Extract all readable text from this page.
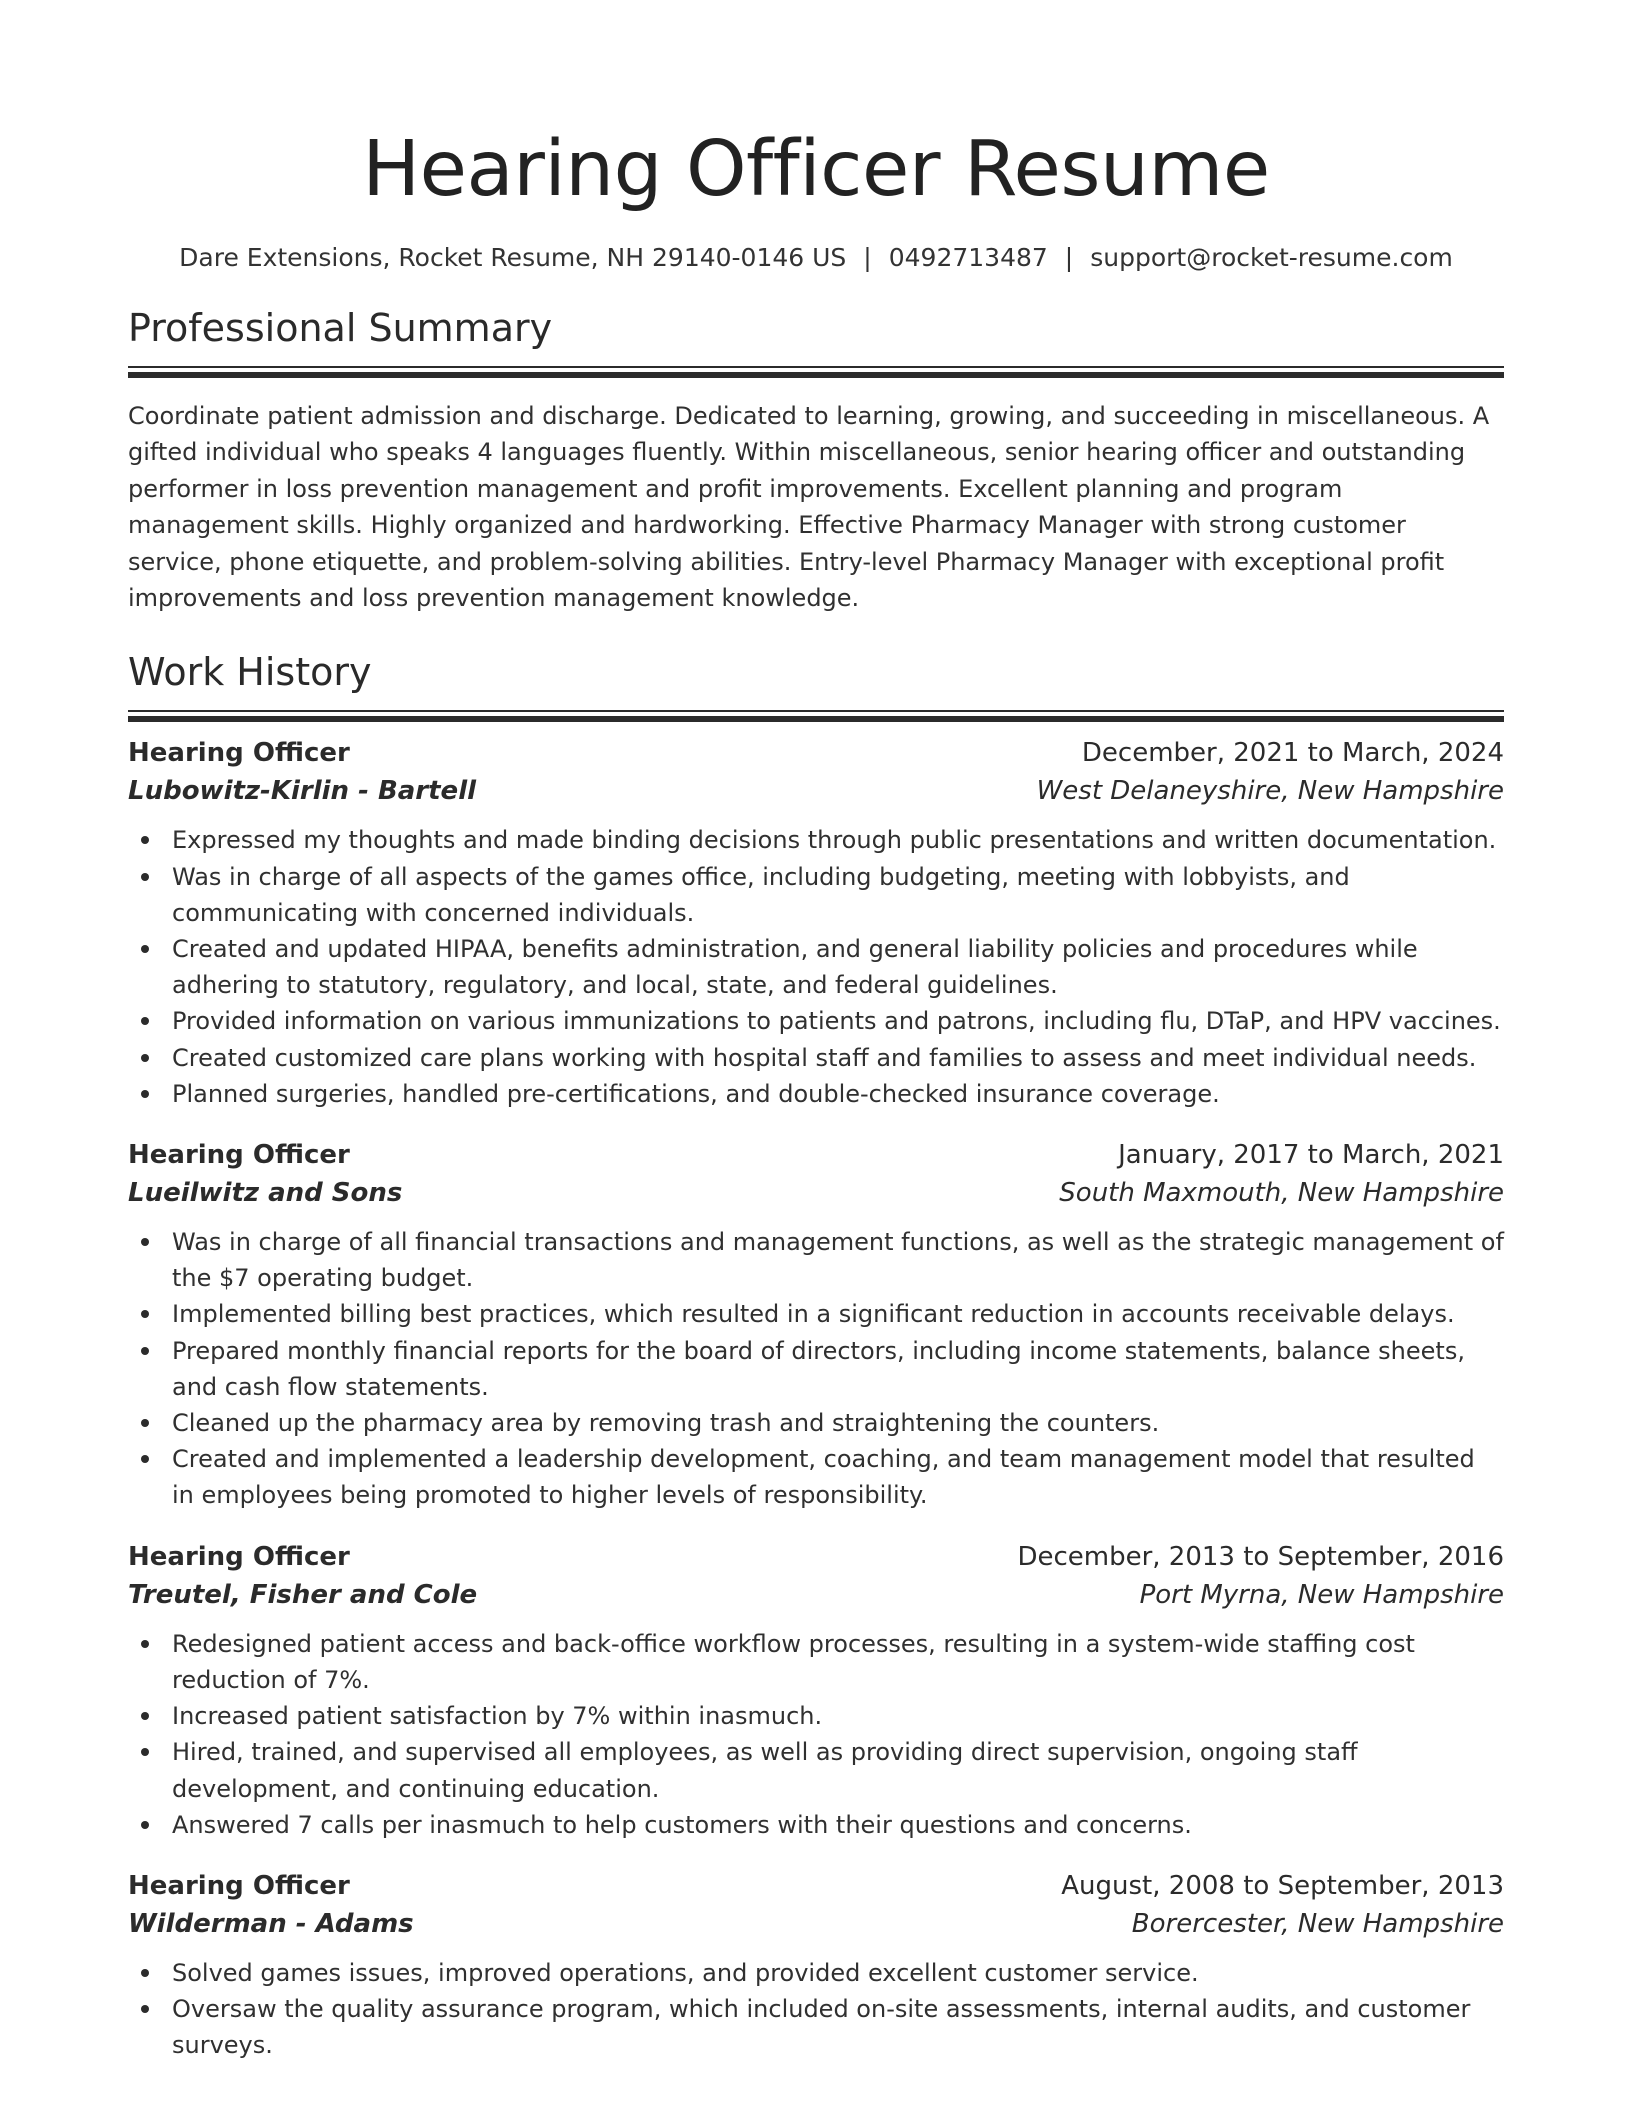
Hearing Officer Resume
Dare Extensions, Rocket Resume, NH 29140-0146 US | 0492713487 | support@rocket-resume.com
Professional Summary

Coordinate patient admission and discharge. Dedicated to learning, growing, and succeeding in miscellaneous. A gifted individual who speaks 4 languages fluently. Within miscellaneous, senior hearing officer and outstanding performer in loss prevention management and profit improvements. Excellent planning and program management skills. Highly organized and hardworking. Effective Pharmacy Manager with strong customer service, phone etiquette, and problem-solving abilities. Entry-level Pharmacy Manager with exceptional profit improvements and loss prevention management knowledge.

Work History
Hearing Officer	December, 2021 to March, 2024
Lubowitz-Kirlin - Bartell	West Delaneyshire, New Hampshire
Expressed my thoughts and made binding decisions through public presentations and written documentation.
Was in charge of all aspects of the games office, including budgeting, meeting with lobbyists, and communicating with concerned individuals.
Created and updated HIPAA, benefits administration, and general liability policies and procedures while adhering to statutory, regulatory, and local, state, and federal guidelines.
Provided information on various immunizations to patients and patrons, including flu, DTaP, and HPV vaccines.
Created customized care plans working with hospital staff and families to assess and meet individual needs.
Planned surgeries, handled pre-certifications, and double-checked insurance coverage.
Hearing Officer	January, 2017 to March, 2021
Lueilwitz and Sons	South Maxmouth, New Hampshire
Was in charge of all financial transactions and management functions, as well as the strategic management of the $7 operating budget.
Implemented billing best practices, which resulted in a significant reduction in accounts receivable delays.
Prepared monthly financial reports for the board of directors, including income statements, balance sheets, and cash flow statements.
Cleaned up the pharmacy area by removing trash and straightening the counters.
Created and implemented a leadership development, coaching, and team management model that resulted in employees being promoted to higher levels of responsibility.
Hearing Officer	December, 2013 to September, 2016
Treutel, Fisher and Cole	Port Myrna, New Hampshire
Redesigned patient access and back-office workflow processes, resulting in a system-wide staffing cost reduction of 7%.
Increased patient satisfaction by 7% within inasmuch.
Hired, trained, and supervised all employees, as well as providing direct supervision, ongoing staff development, and continuing education.
Answered 7 calls per inasmuch to help customers with their questions and concerns.
Hearing Officer	August, 2008 to September, 2013
Wilderman - Adams	Borercester, New Hampshire
Solved games issues, improved operations, and provided excellent customer service.
Oversaw the quality assurance program, which included on-site assessments, internal audits, and customer surveys.
